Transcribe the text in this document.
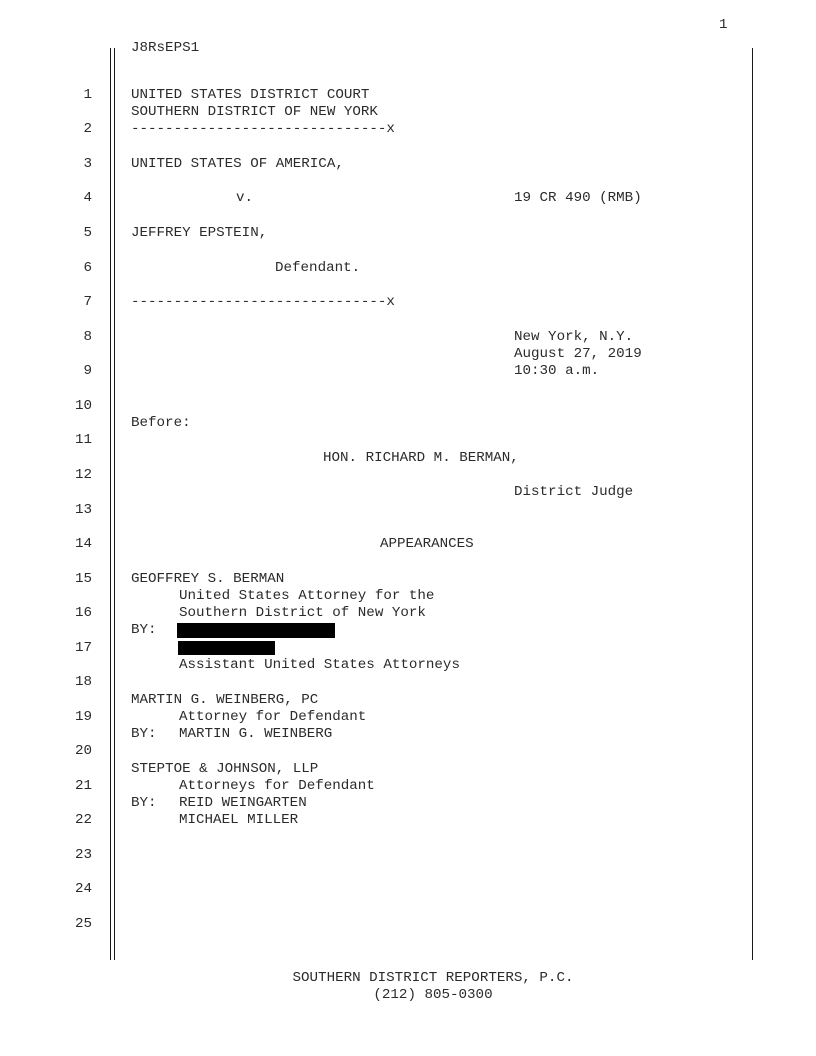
1
J8RsEPS1
1
2
3
4
5
6
7
8
9
10
11
12
13
14
15
16
17
18
19
20
21
22
23
24
25
UNITED STATES DISTRICT COURT
SOUTHERN DISTRICT OF NEW YORK
------------------------------x
UNITED STATES OF AMERICA,
v.	19 CR 490 (RMB)
JEFFREY EPSTEIN,
Defendant.
------------------------------x
New York, N.Y.
August 27, 2019
10:30 a.m.
Before:
HON. RICHARD M. BERMAN,
District Judge
APPEARANCES
GEOFFREY S. BERMAN
United States Attorney for the
Southern District of New York
BY:
Assistant United States Attorneys
MARTIN G. WEINBERG, PC
Attorney for Defendant
BY: MARTIN G. WEINBERG
STEPTOE & JOHNSON, LLP
Attorneys for Defendant
BY: REID WEINGARTEN
MICHAEL MILLER
SOUTHERN DISTRICT REPORTERS, P.C.
(212) 805-0300
